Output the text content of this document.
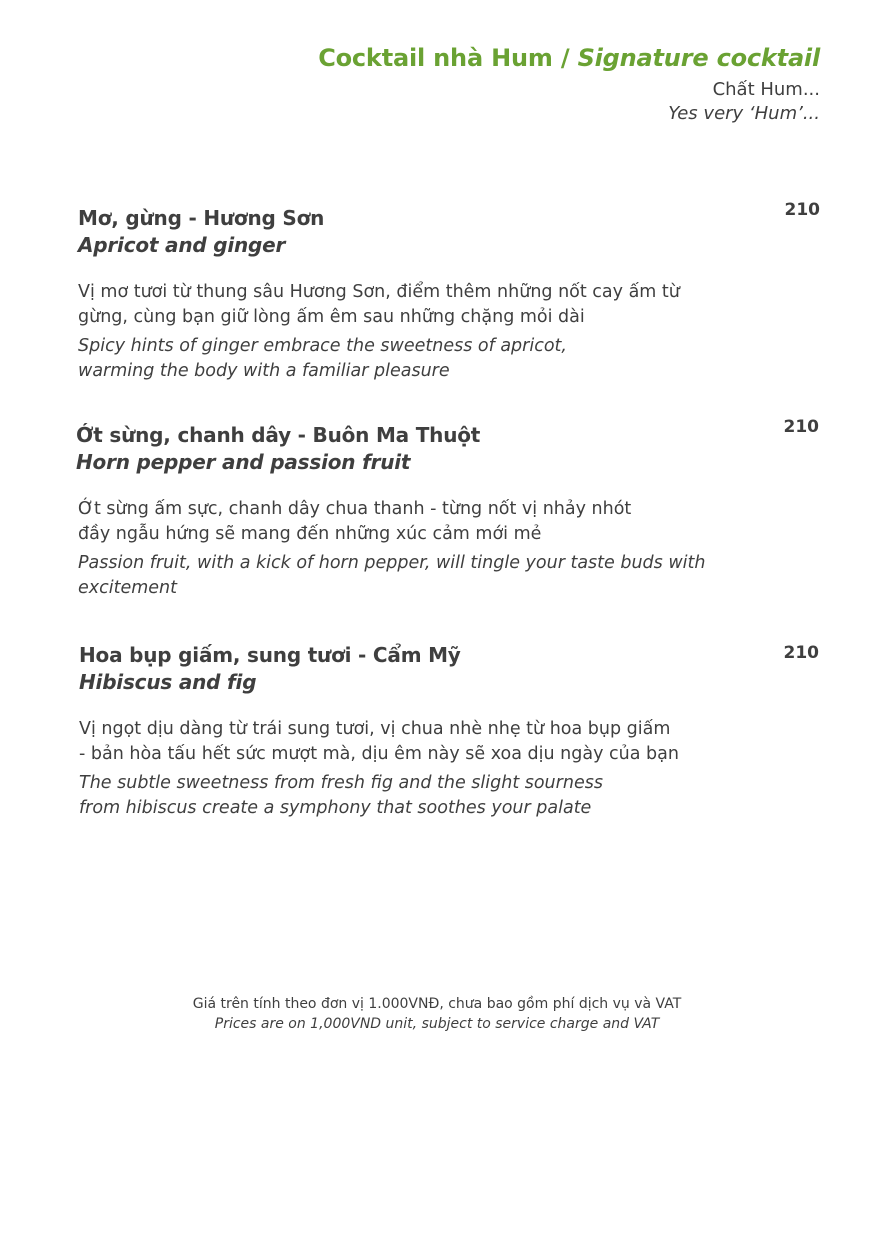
Cocktail nhà Hum / Signature cocktail
Chất Hum...
Yes very ‘Hum’...
Mơ, gừng - Hương Sơn
Apricot and ginger
210
Vị mơ tươi từ thung sâu Hương Sơn, điểm thêm những nốt cay ấm từ
gừng, cùng bạn giữ lòng ấm êm sau những chặng mỏi dài
Spicy hints of ginger embrace the sweetness of apricot,
warming the body with a familiar pleasure
Ớt sừng, chanh dây - Buôn Ma Thuột
Horn pepper and passion fruit
210
Ớt sừng ấm sực, chanh dây chua thanh - từng nốt vị nhảy nhót
đầy ngẫu hứng sẽ mang đến những xúc cảm mới mẻ
Passion fruit, with a kick of horn pepper, will tingle your taste buds with
excitement
Hoa bụp giấm, sung tươi - Cẩm Mỹ
Hibiscus and fig
210
Vị ngọt dịu dàng từ trái sung tươi, vị chua nhè nhẹ từ hoa bụp giấm
- bản hòa tấu hết sức mượt mà, dịu êm này sẽ xoa dịu ngày của bạn
The subtle sweetness from fresh fig and the slight sourness
from hibiscus create a symphony that soothes your palate
Giá trên tính theo đơn vị 1.000VNĐ, chưa bao gồm phí dịch vụ và VAT
Prices are on 1,000VND unit, subject to service charge and VAT
